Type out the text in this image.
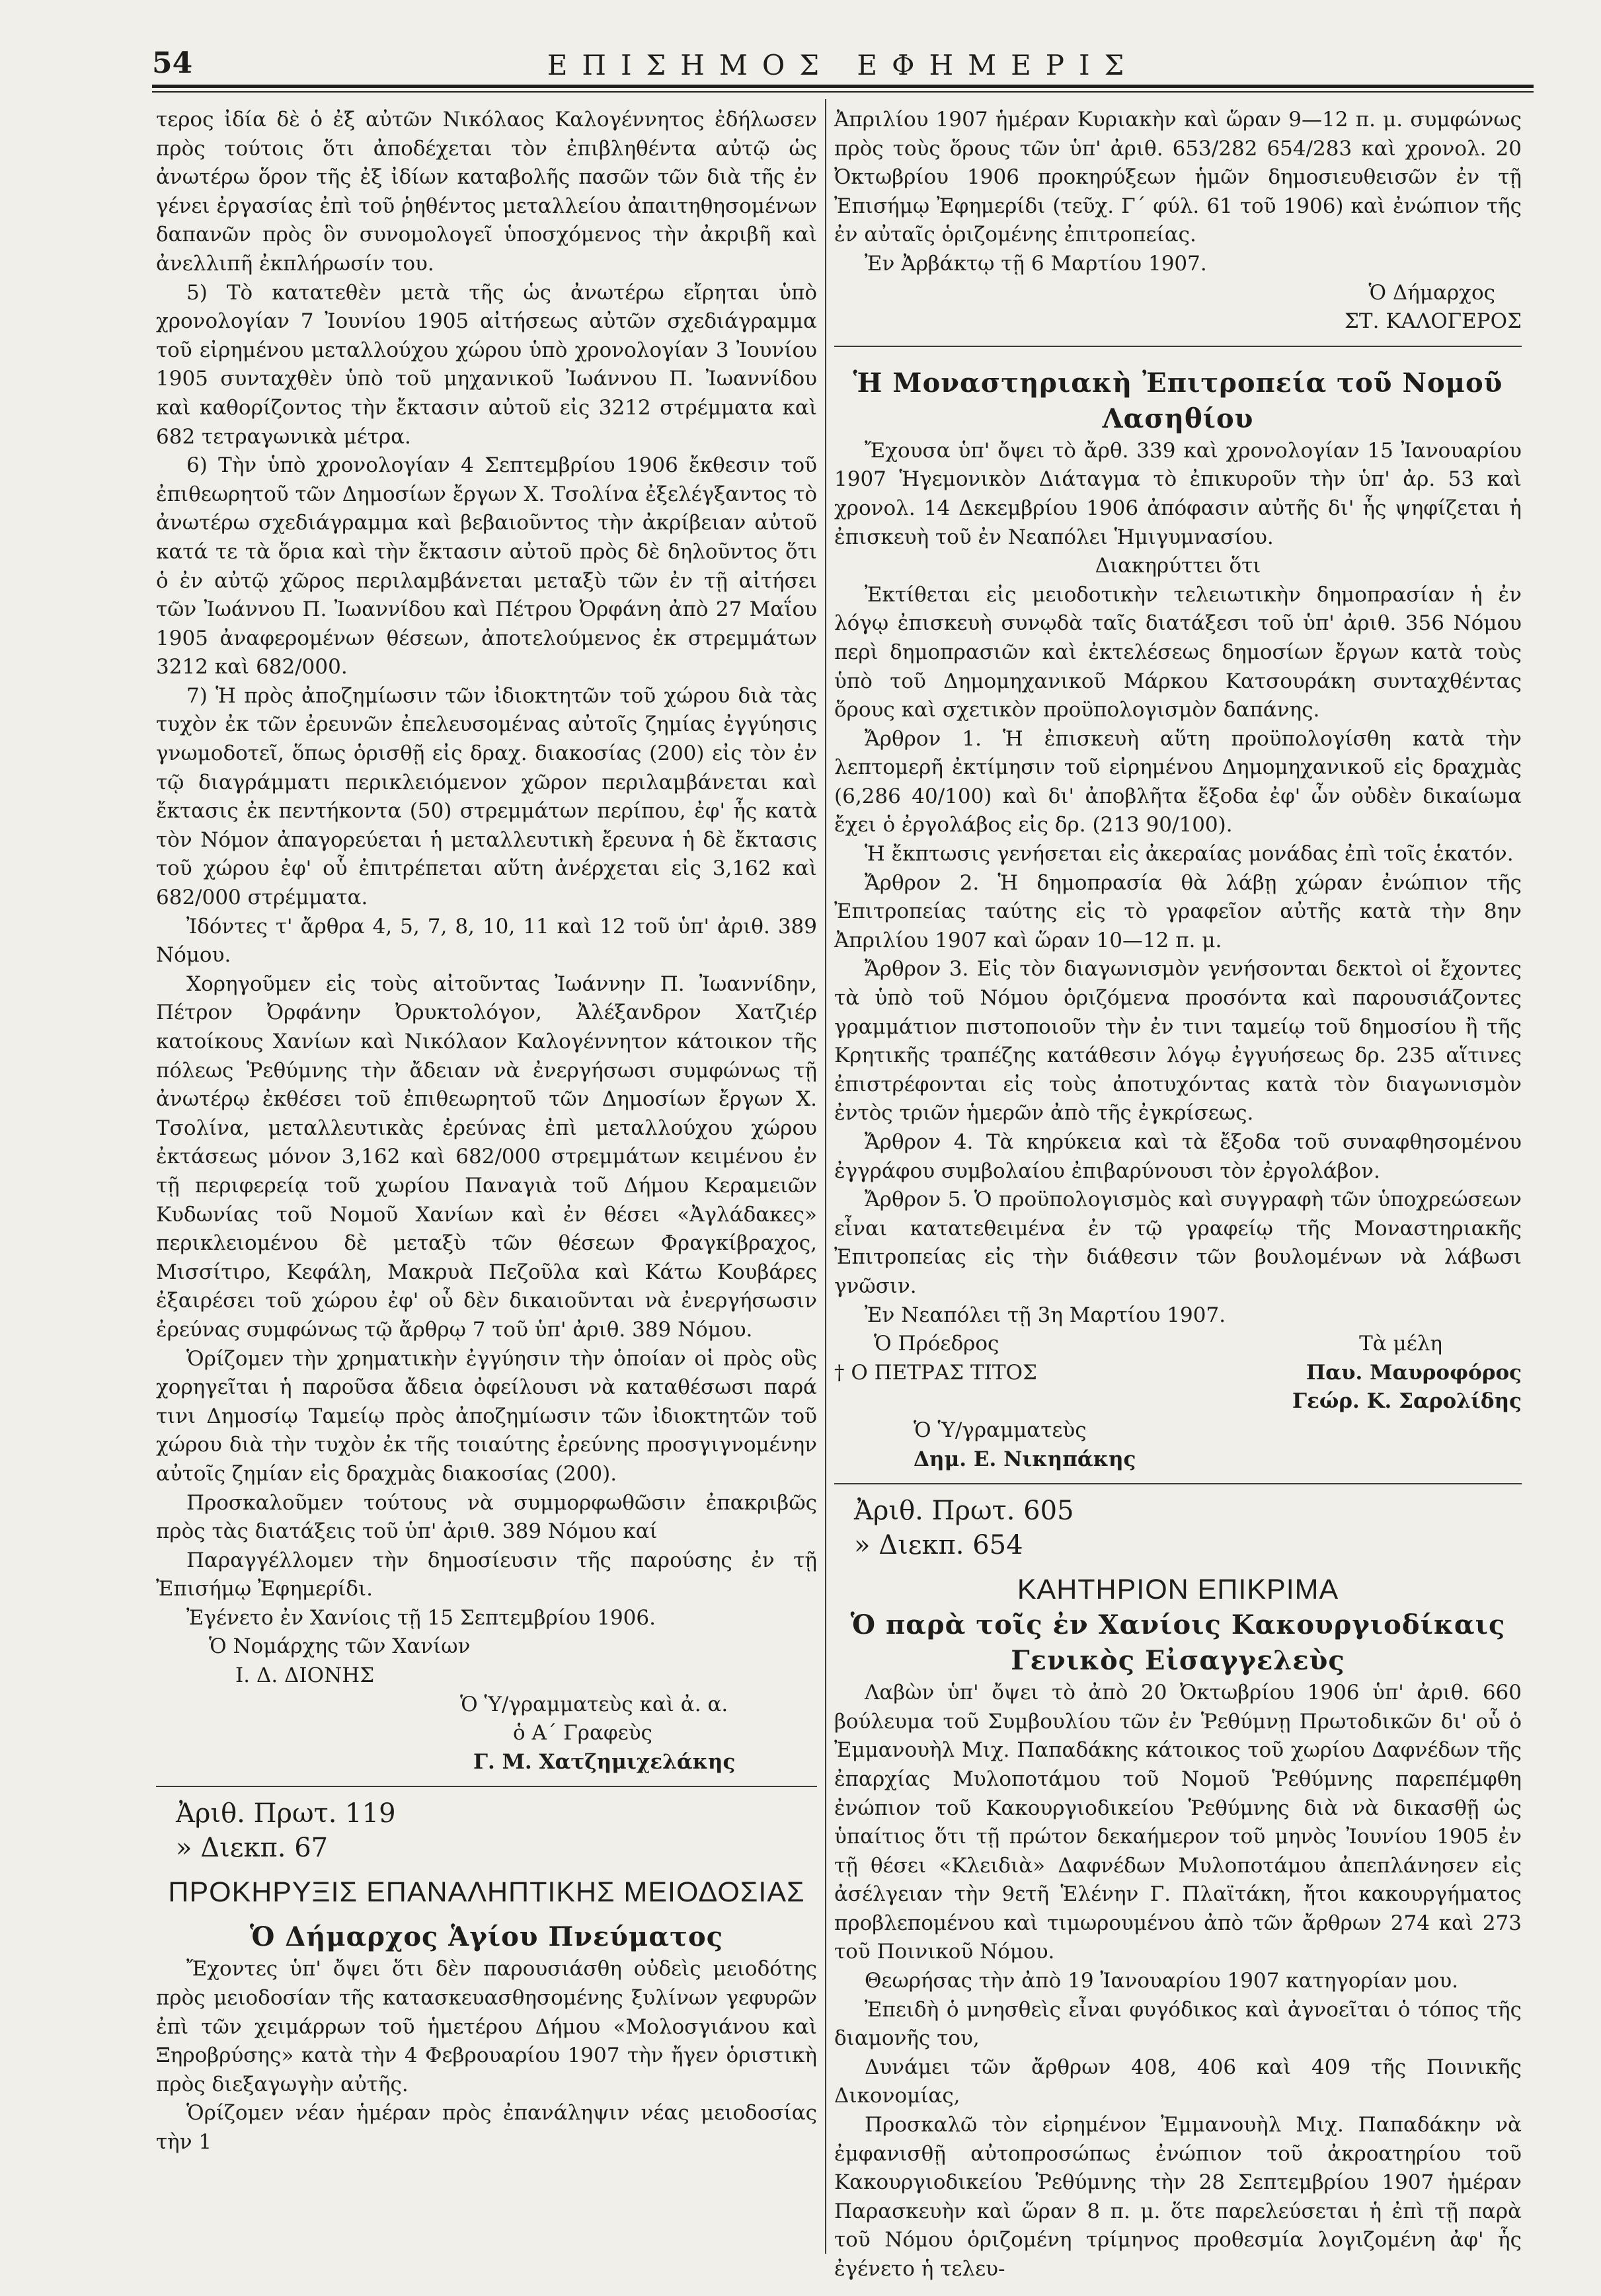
54	ΕΠΙΣΗΜΟΣ ΕΦΗΜΕΡΙΣ

τερος ἰδία δὲ ὁ ἐξ αὐτῶν Νικόλαος Καλογέννητος ἐδήλωσεν πρὸς τούτοις ὅτι ἀποδέχεται τὸν ἐπιβληθέντα αὐτῷ ὡς ἀνωτέρω ὅρον τῆς ἐξ ἰδίων καταβολῆς πασῶν τῶν διὰ τῆς ἐν γένει ἐργασίας ἐπὶ τοῦ ῥηθέντος μεταλλείου ἀπαιτηθησομένων δαπανῶν πρὸς ὃν συνομολογεῖ ὑποσχόμενος τὴν ἀκριβῆ καὶ ἀνελλιπῆ ἐκπλήρωσίν του.

5) Τὸ κατατεθὲν μετὰ τῆς ὡς ἀνωτέρω εἴρηται ὑπὸ χρονολογίαν 7 Ἰουνίου 1905 αἰτήσεως αὐτῶν σχεδιάγραμμα τοῦ εἰρημένου μεταλλούχου χώρου ὑπὸ χρονολογίαν 3 Ἰουνίου 1905 συνταχθὲν ὑπὸ τοῦ μηχανικοῦ Ἰωάννου Π. Ἰωαννίδου καὶ καθορίζοντος τὴν ἔκτασιν αὐτοῦ εἰς 3212 στρέμματα καὶ 682 τετραγωνικὰ μέτρα.

6) Τὴν ὑπὸ χρονολογίαν 4 Σεπτεμβρίου 1906 ἔκθεσιν τοῦ ἐπιθεωρητοῦ τῶν Δημοσίων ἔργων Χ. Τσολίνα ἐξελέγξαντος τὸ ἀνωτέρω σχεδιάγραμμα καὶ βεβαιοῦντος τὴν ἀκρίβειαν αὐτοῦ κατά τε τὰ ὅρια καὶ τὴν ἔκτασιν αὐτοῦ πρὸς δὲ δηλοῦντος ὅτι ὁ ἐν αὐτῷ χῶρος περιλαμβάνεται μεταξὺ τῶν ἐν τῇ αἰτήσει τῶν Ἰωάννου Π. Ἰωαννίδου καὶ Πέτρου Ὀρφάνη ἀπὸ 27 Μαΐου 1905 ἀναφερομένων θέσεων, ἀποτελούμενος ἐκ στρεμμάτων 3212 καὶ 682/000.

7) Ἡ πρὸς ἀποζημίωσιν τῶν ἰδιοκτητῶν τοῦ χώρου διὰ τὰς τυχὸν ἐκ τῶν ἐρευνῶν ἐπελευσομένας αὐτοῖς ζημίας ἐγγύησις γνωμοδοτεῖ, ὅπως ὁρισθῇ εἰς δραχ. διακοσίας (200) εἰς τὸν ἐν τῷ διαγράμματι περικλειόμενον χῶρον περιλαμβάνεται καὶ ἔκτασις ἐκ πεντήκοντα (50) στρεμμάτων περίπου, ἐφ' ἧς κατὰ τὸν Νόμον ἀπαγορεύεται ἡ μεταλλευτικὴ ἔρευνα ἡ δὲ ἔκτασις τοῦ χώρου ἐφ' οὗ ἐπιτρέπεται αὕτη ἀνέρχεται εἰς 3,162 καὶ 682/000 στρέμματα.

Ἰδόντες τ' ἄρθρα 4, 5, 7, 8, 10, 11 καὶ 12 τοῦ ὑπ' ἀριθ. 389 Νόμου.

Χορηγοῦμεν εἰς τοὺς αἰτοῦντας Ἰωάννην Π. Ἰωαννίδην, Πέτρον Ὀρφάνην Ὀρυκτολόγον, Ἀλέξανδρον Χατζιέρ κατοίκους Χανίων καὶ Νικόλαον Καλογέννητον κάτοικον τῆς πόλεως Ῥεθύμνης τὴν ἄδειαν νὰ ἐνεργήσωσι συμφώνως τῇ ἀνωτέρῳ ἐκθέσει τοῦ ἐπιθεωρητοῦ τῶν Δημοσίων ἔργων Χ. Τσολίνα, μεταλλευτικὰς ἐρεύνας ἐπὶ μεταλλούχου χώρου ἐκτάσεως μόνον 3,162 καὶ 682/000 στρεμμάτων κειμένου ἐν τῇ περιφερείᾳ τοῦ χωρίου Παναγιὰ τοῦ Δήμου Κεραμειῶν Κυδωνίας τοῦ Νομοῦ Χανίων καὶ ἐν θέσει «Ἀγλάδακες» περικλειομένου δὲ μεταξὺ τῶν θέσεων Φραγκίβραχος, Μισσίτιρο, Κεφάλη, Μακρυὰ Πεζοῦλα καὶ Κάτω Κουβάρες ἐξαιρέσει τοῦ χώρου ἐφ' οὗ δὲν δικαιοῦνται νὰ ἐνεργήσωσιν ἐρεύνας συμφώνως τῷ ἄρθρῳ 7 τοῦ ὑπ' ἀριθ. 389 Νόμου.

Ὁρίζομεν τὴν χρηματικὴν ἐγγύησιν τὴν ὁποίαν οἱ πρὸς οὓς χορηγεῖται ἡ παροῦσα ἄδεια ὀφείλουσι νὰ καταθέσωσι παρά τινι Δημοσίῳ Ταμείῳ πρὸς ἀποζημίωσιν τῶν ἰδιοκτητῶν τοῦ χώρου διὰ τὴν τυχὸν ἐκ τῆς τοιαύτης ἐρεύνης προσγιγνομένην αὐτοῖς ζημίαν εἰς δραχμὰς διακοσίας (200).

Προσκαλοῦμεν τούτους νὰ συμμορφωθῶσιν ἐπακριβῶς πρὸς τὰς διατάξεις τοῦ ὑπ' ἀριθ. 389 Νόμου καί

Παραγγέλλομεν τὴν δημοσίευσιν τῆς παρούσης ἐν τῇ Ἐπισήμῳ Ἐφημερίδι.

Ἐγένετο ἐν Χανίοις τῇ 15 Σεπτεμβρίου 1906.

Ὁ Νομάρχης τῶν Χανίων

Ι. Δ. ΔΙΟΝΗΣ

Ὁ Ὑ/γραμματεὺς καὶ ἀ. α.

ὁ Α΄ Γραφεὺς

Γ. Μ. Χατζημιχελάκης

Ἀριθ. Πρωτ. 119

» Διεκπ. 67

ΠΡΟΚΗΡΥΞΙΣ ΕΠΑΝΑΛΗΠΤΙΚΗΣ ΜΕΙΟΔΟΣΙΑΣ

Ὁ Δήμαρχος Ἁγίου Πνεύματος

Ἔχοντες ὑπ' ὄψει ὅτι δὲν παρουσιάσθη οὐδεὶς μειοδότης πρὸς μειοδοσίαν τῆς κατασκευασθησομένης ξυλίνων γεφυρῶν ἐπὶ τῶν χειμάρρων τοῦ ἡμετέρου Δήμου «Μολοσγιάνου καὶ Ξηροβρύσης» κατὰ τὴν 4 Φεβρουαρίου 1907 τὴν ἤγεν ὁριστικὴ πρὸς διεξαγωγὴν αὐτῆς.

Ὁρίζομεν νέαν ἡμέραν πρὸς ἐπανάληψιν νέας μειοδοσίας τὴν 1

Ἀπριλίου 1907 ἡμέραν Κυριακὴν καὶ ὥραν 9—12 π. μ. συμφώνως πρὸς τοὺς ὅρους τῶν ὑπ' ἀριθ. 653/282 654/283 καὶ χρονολ. 20 Ὀκτωβρίου 1906 προκηρύξεων ἡμῶν δημοσιευθεισῶν ἐν τῇ Ἐπισήμῳ Ἐφημερίδι (τεῦχ. Γ΄ φύλ. 61 τοῦ 1906) καὶ ἐνώπιον τῆς ἐν αὐταῖς ὁριζομένης ἐπιτροπείας.

Ἐν Ἀρβάκτῳ τῇ 6 Μαρτίου 1907.

Ὁ Δήμαρχος

ΣΤ. ΚΑΛΟΓΕΡΟΣ

Ἡ Μοναστηριακὴ Ἐπιτροπεία τοῦ Νομοῦ Λασηθίου

Ἔχουσα ὑπ' ὄψει τὸ ἄρθ. 339 καὶ χρονολογίαν 15 Ἰανουαρίου 1907 Ἡγεμονικὸν Διάταγμα τὸ ἐπικυροῦν τὴν ὑπ' ἀρ. 53 καὶ χρονολ. 14 Δεκεμβρίου 1906 ἀπόφασιν αὐτῆς δι' ἧς ψηφίζεται ἡ ἐπισκευὴ τοῦ ἐν Νεαπόλει Ἡμιγυμνασίου.

Διακηρύττει ὅτι

Ἐκτίθεται εἰς μειοδοτικὴν τελειωτικὴν δημοπρασίαν ἡ ἐν λόγῳ ἐπισκευὴ συνῳδὰ ταῖς διατάξεσι τοῦ ὑπ' ἀριθ. 356 Νόμου περὶ δημοπρασιῶν καὶ ἐκτελέσεως δημοσίων ἔργων κατὰ τοὺς ὑπὸ τοῦ Δημομηχανικοῦ Μάρκου Κατσουράκη συνταχθέντας ὅρους καὶ σχετικὸν προϋπολογισμὸν δαπάνης.

Ἄρθρον 1. Ἡ ἐπισκευὴ αὕτη προϋπολογίσθη κατὰ τὴν λεπτομερῆ ἐκτίμησιν τοῦ εἰρημένου Δημομηχανικοῦ εἰς δραχμὰς (6,286 40/100) καὶ δι' ἀποβλῆτα ἔξοδα ἐφ' ὧν οὐδὲν δικαίωμα ἔχει ὁ ἐργολάβος εἰς δρ. (213 90/100).

Ἡ ἔκπτωσις γενήσεται εἰς ἀκεραίας μονάδας ἐπὶ τοῖς ἑκατόν.

Ἄρθρον 2. Ἡ δημοπρασία θὰ λάβῃ χώραν ἐνώπιον τῆς Ἐπιτροπείας ταύτης εἰς τὸ γραφεῖον αὐτῆς κατὰ τὴν 8ην Ἀπριλίου 1907 καὶ ὥραν 10—12 π. μ.

Ἄρθρον 3. Εἰς τὸν διαγωνισμὸν γενήσονται δεκτοὶ οἱ ἔχοντες τὰ ὑπὸ τοῦ Νόμου ὁριζόμενα προσόντα καὶ παρουσιάζοντες γραμμάτιον πιστοποιοῦν τὴν ἐν τινι ταμείῳ τοῦ δημοσίου ἢ τῆς Κρητικῆς τραπέζης κατάθεσιν λόγῳ ἐγγυήσεως δρ. 235 αἵτινες ἐπιστρέφονται εἰς τοὺς ἀποτυχόντας κατὰ τὸν διαγωνισμὸν ἐντὸς τριῶν ἡμερῶν ἀπὸ τῆς ἐγκρίσεως.

Ἄρθρον 4. Τὰ κηρύκεια καὶ τὰ ἔξοδα τοῦ συναφθησομένου ἐγγράφου συμβολαίου ἐπιβαρύνουσι τὸν ἐργολάβον.

Ἄρθρον 5. Ὁ προϋπολογισμὸς καὶ συγγραφὴ τῶν ὑποχρεώσεων εἶναι κατατεθειμένα ἐν τῷ γραφείῳ τῆς Μοναστηριακῆς Ἐπιτροπείας εἰς τὴν διάθεσιν τῶν βουλομένων νὰ λάβωσι γνῶσιν.

Ἐν Νεαπόλει τῇ 3η Μαρτίου 1907.

Ὁ Πρόεδρος	Τὰ μέλη
† Ο ΠΕΤΡΑΣ ΤΙΤΟΣ	Παυ. Μαυροφόρος

Γεώρ. Κ. Σαρολίδης

Ὁ Ὑ/γραμματεὺς

Δημ. Ε. Νικηπάκης

Ἀριθ. Πρωτ. 605

» Διεκπ. 654

ΚΑΗΤΗΡΙΟΝ ΕΠΙΚΡΙΜΑ

Ὁ παρὰ τοῖς ἐν Χανίοις Κακουργιοδίκαις Γενικὸς Εἰσαγγελεὺς

Λαβὼν ὑπ' ὄψει τὸ ἀπὸ 20 Ὀκτωβρίου 1906 ὑπ' ἀριθ. 660 βούλευμα τοῦ Συμβουλίου τῶν ἐν Ῥεθύμνῃ Πρωτοδικῶν δι' οὗ ὁ Ἐμμανουὴλ Μιχ. Παπαδάκης κάτοικος τοῦ χωρίου Δαφνέδων τῆς ἐπαρχίας Μυλοποτάμου τοῦ Νομοῦ Ῥεθύμνης παρεπέμφθη ἐνώπιον τοῦ Κακουργιοδικείου Ῥεθύμνης διὰ νὰ δικασθῇ ὡς ὑπαίτιος ὅτι τῇ πρώτον δεκαήμερον τοῦ μηνὸς Ἰουνίου 1905 ἐν τῇ θέσει «Κλειδιὰ» Δαφνέδων Μυλοποτάμου ἀπεπλάνησεν εἰς ἀσέλγειαν τὴν 9ετῆ Ἑλένην Γ. Πλαϊτάκη, ἤτοι κακουργήματος προβλεπομένου καὶ τιμωρουμένου ἀπὸ τῶν ἄρθρων 274 καὶ 273 τοῦ Ποινικοῦ Νόμου.

Θεωρήσας τὴν ἀπὸ 19 Ἰανουαρίου 1907 κατηγορίαν μου.

Ἐπειδὴ ὁ μνησθεὶς εἶναι φυγόδικος καὶ ἀγνοεῖται ὁ τόπος τῆς διαμονῆς του,

Δυνάμει τῶν ἄρθρων 408, 406 καὶ 409 τῆς Ποινικῆς Δικονομίας,

Προσκαλῶ τὸν εἰρημένον Ἐμμανουὴλ Μιχ. Παπαδάκην νὰ ἐμφανισθῇ αὐτοπροσώπως ἐνώπιον τοῦ ἀκροατηρίου τοῦ Κακουργιοδικείου Ῥεθύμνης τὴν 28 Σεπτεμβρίου 1907 ἡμέραν Παρασκευὴν καὶ ὥραν 8 π. μ. ὅτε παρελεύσεται ἡ ἐπὶ τῇ παρὰ τοῦ Νόμου ὁριζομένη τρίμηνος προθεσμία λογιζομένη ἀφ' ἧς ἐγένετο ἡ τελευ-
